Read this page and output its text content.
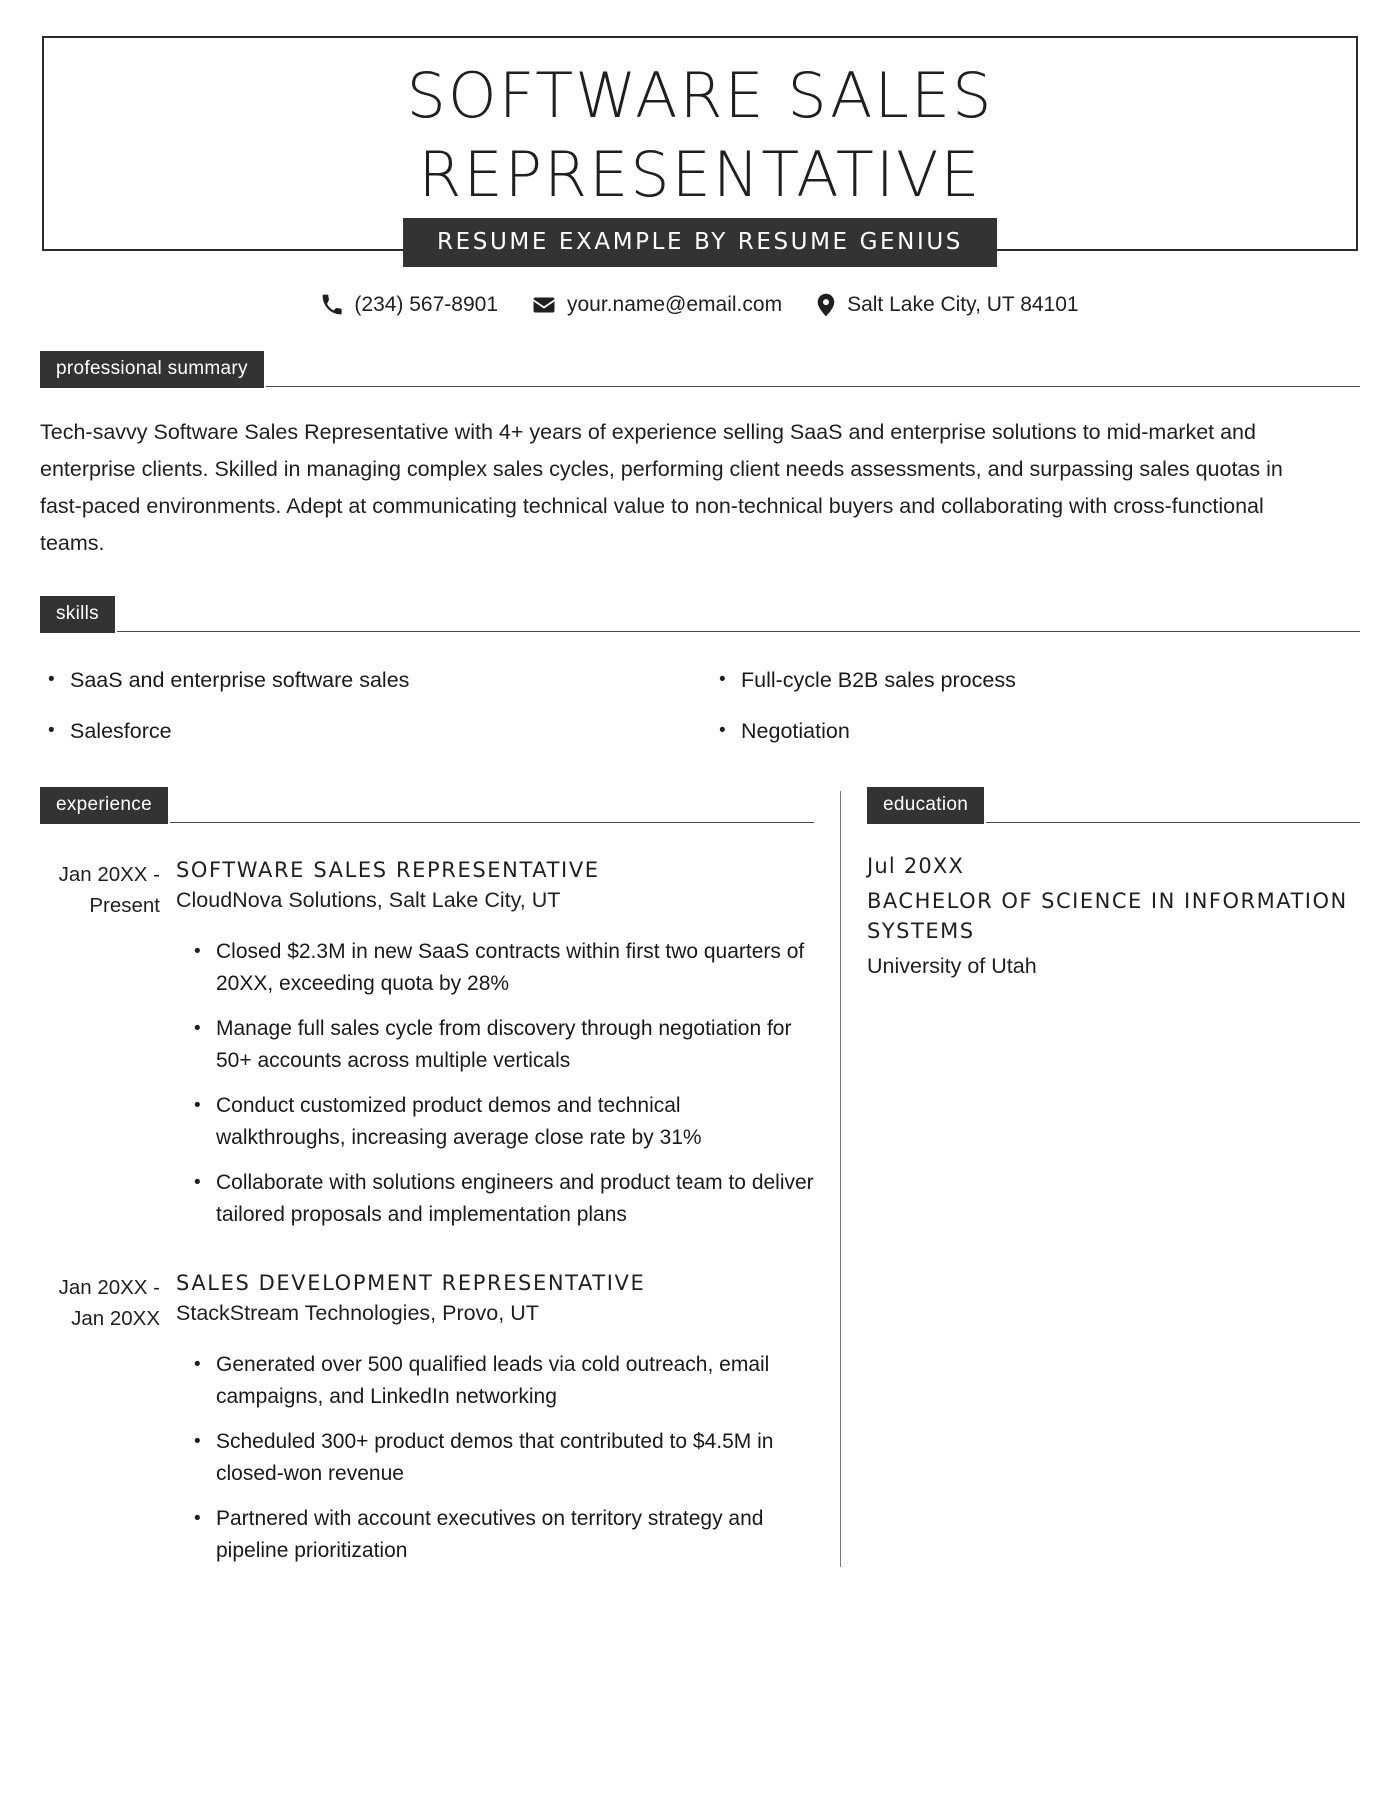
SOFTWARE SALES
REPRESENTATIVE
RESUME EXAMPLE BY RESUME GENIUS
(234) 567-8901	your.name@email.com	Salt Lake City, UT 84101
professional summary
Tech-savvy Software Sales Representative with 4+ years of experience selling SaaS and enterprise solutions to mid-market and enterprise clients. Skilled in managing complex sales cycles, performing client needs assessments, and surpassing sales quotas in fast-paced environments. Adept at communicating technical value to non-technical buyers and collaborating with cross-functional teams.
skills
• SaaS and enterprise software sales	• Full-cycle B2B sales process
• Salesforce	• Negotiation
experience
Jan 20XX - Present
SOFTWARE SALES REPRESENTATIVE
CloudNova Solutions, Salt Lake City, UT
• Closed $2.3M in new SaaS contracts within first two quarters of 20XX, exceeding quota by 28%
• Manage full sales cycle from discovery through negotiation for 50+ accounts across multiple verticals
• Conduct customized product demos and technical walkthroughs, increasing average close rate by 31%
• Collaborate with solutions engineers and product team to deliver tailored proposals and implementation plans
Jan 20XX - Jan 20XX
SALES DEVELOPMENT REPRESENTATIVE
StackStream Technologies, Provo, UT
• Generated over 500 qualified leads via cold outreach, email campaigns, and LinkedIn networking
• Scheduled 300+ product demos that contributed to $4.5M in closed-won revenue
• Partnered with account executives on territory strategy and pipeline prioritization
education
Jul 20XX
BACHELOR OF SCIENCE IN INFORMATION SYSTEMS
University of Utah
